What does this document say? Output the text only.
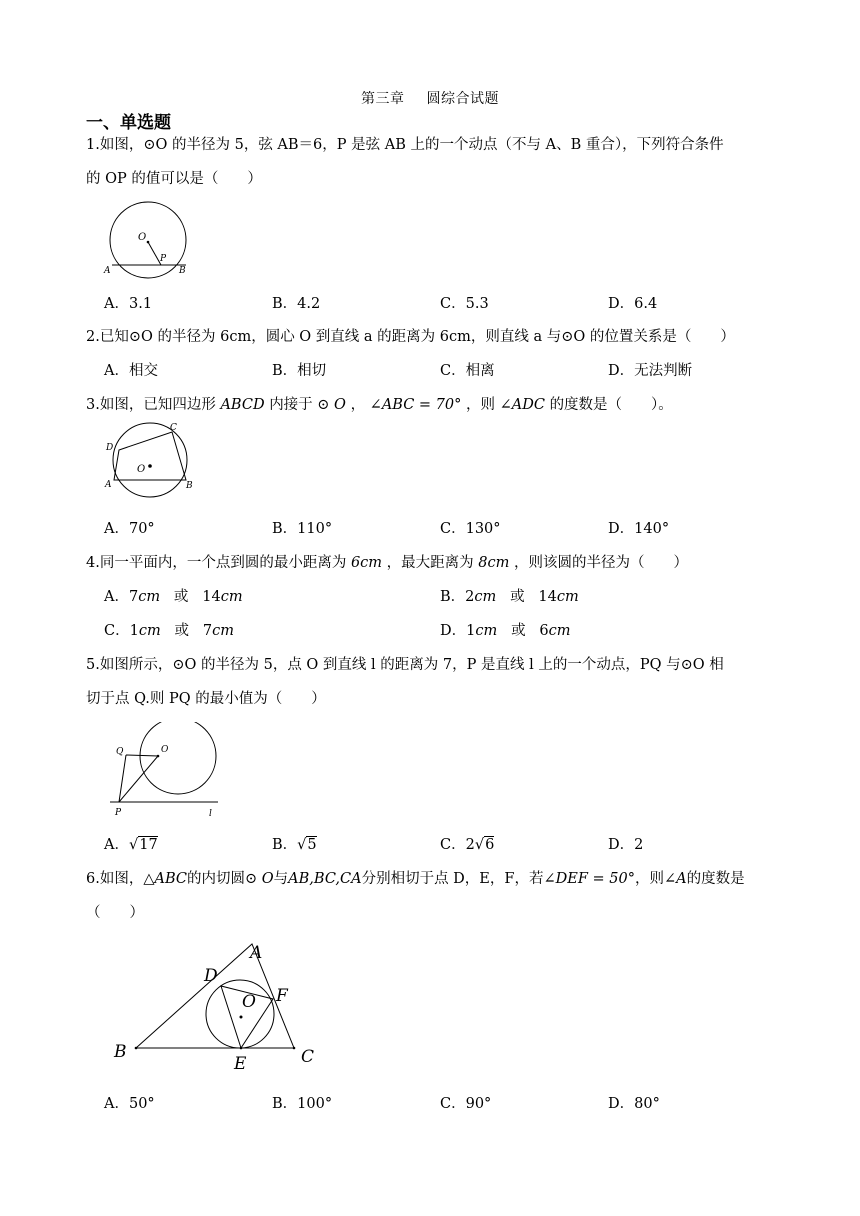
第三章 圆综合试题
一、单选题
1.如图，⊙O 的半径为 5，弦 AB＝6，P 是弦 AB 上的一个动点（不与 A、B 重合），下列符合条件
的 OP 的值可以是（　　）
O
P
A	B
A．3.1	B．4.2	C．5.3	D．6.4
2.已知⊙O 的半径为 6cm，圆心 O 到直线 a 的距离为 6cm，则直线 a 与⊙O 的位置关系是（　　）
A．相交	B．相切	C．相离	D．无法判断
3.如图，已知四边形 ABCD 内接于 ⊙ O ， ∠ABC = 70° ，则 ∠ADC 的度数是（　　）。
O
A	B
C
D
A．70°	B．110°	C．130°	D．140°
4.同一平面内，一个点到圆的最小距离为 6cm ，最大距离为 8cm ，则该圆的半径为（　　）
A．7cm 或 14cm	B．2cm 或 14cm
C．1cm 或 7cm	D．1cm 或 6cm
5.如图所示，⊙O 的半径为 5，点 O 到直线 l 的距离为 7，P 是直线 l 上的一个动点，PQ 与⊙O 相
切于点 Q.则 PQ 的最小值为（　　）
Q	O
P	l
A．√17	B．√5	C．2√6	D．2
6.如图，△ABC的内切圆⊙ O与AB,BC,CA分别相切于点 D，E，F，若∠DEF = 50°，则∠A的度数是
（　　）
A
B	C
D
E
F
O
A．50°	B．100°	C．90°	D．80°
